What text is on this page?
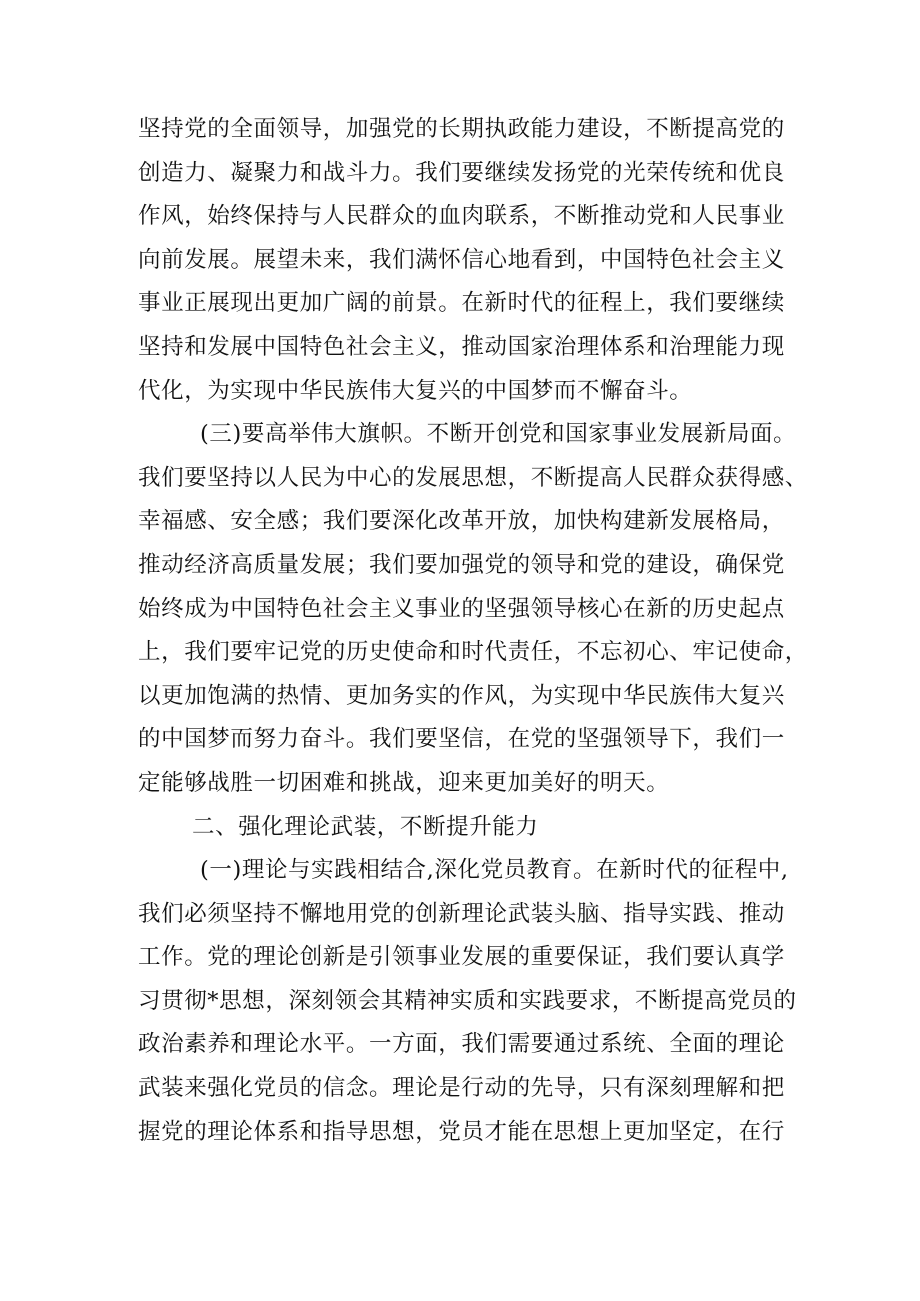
坚持党的全面领导，加强党的长期执政能力建设，不断提高党的
创造力、凝聚力和战斗力。我们要继续发扬党的光荣传统和优良
作风，始终保持与人民群众的血肉联系，不断推动党和人民事业
向前发展。展望未来，我们满怀信心地看到，中国特色社会主义
事业正展现出更加广阔的前景。在新时代的征程上，我们要继续
坚持和发展中国特色社会主义，推动国家治理体系和治理能力现
代化，为实现中华民族伟大复兴的中国梦而不懈奋斗。
(三)要高举伟大旗帜。不断开创党和国家事业发展新局面。
我们要坚持以人民为中心的发展思想，不断提高人民群众获得感、
幸福感、安全感；我们要深化改革开放，加快构建新发展格局，
推动经济高质量发展；我们要加强党的领导和党的建设，确保党
始终成为中国特色社会主义事业的坚强领导核心在新的历史起点
上，我们要牢记党的历史使命和时代责任，不忘初心、牢记使命，
以更加饱满的热情、更加务实的作风，为实现中华民族伟大复兴
的中国梦而努力奋斗。我们要坚信，在党的坚强领导下，我们一
定能够战胜一切困难和挑战，迎来更加美好的明天。
二、强化理论武装，不断提升能力
(一)理论与实践相结合,深化党员教育。在新时代的征程中,
我们必须坚持不懈地用党的创新理论武装头脑、指导实践、推动
工作。党的理论创新是引领事业发展的重要保证，我们要认真学
习贯彻*思想，深刻领会其精神实质和实践要求，不断提高党员的
政治素养和理论水平。一方面，我们需要通过系统、全面的理论
武装来强化党员的信念。理论是行动的先导，只有深刻理解和把
握党的理论体系和指导思想，党员才能在思想上更加坚定，在行
